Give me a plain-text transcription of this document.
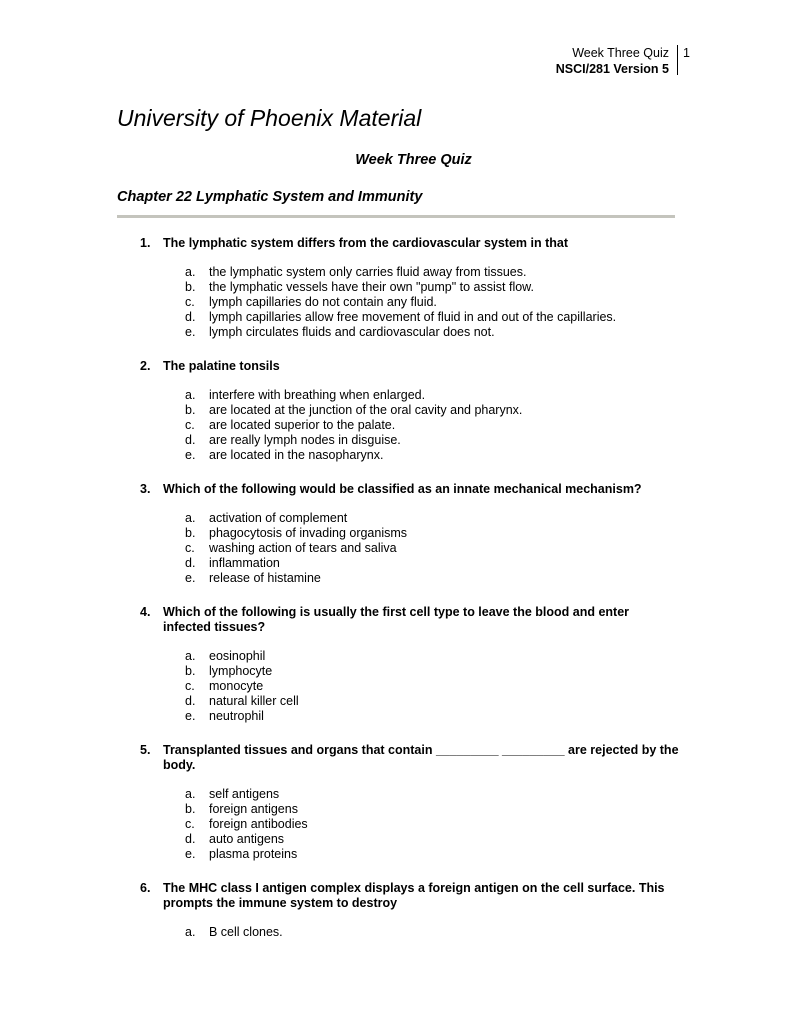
Week Three Quiz
NSCI/281 Version 5
1
University of Phoenix Material
Week Three Quiz
Chapter 22 Lymphatic System and Immunity
1.	The lymphatic system differs from the cardiovascular system in that
a.	the lymphatic system only carries fluid away from tissues.
b.	the lymphatic vessels have their own "pump" to assist flow.
c.	lymph capillaries do not contain any fluid.
d.	lymph capillaries allow free movement of fluid in and out of the capillaries.
e.	lymph circulates fluids and cardiovascular does not.
2.	The palatine tonsils
a.	interfere with breathing when enlarged.
b.	are located at the junction of the oral cavity and pharynx.
c.	are located superior to the palate.
d.	are really lymph nodes in disguise.
e.	are located in the nasopharynx.
3.	Which of the following would be classified as an innate mechanical mechanism?
a.	activation of complement
b.	phagocytosis of invading organisms
c.	washing action of tears and saliva
d.	inflammation
e.	release of histamine
4.	Which of the following is usually the first cell type to leave the blood and enter infected tissues?
a.	eosinophil
b.	lymphocyte
c.	monocyte
d.	natural killer cell
e.	neutrophil
5.	Transplanted tissues and organs that contain _________ _________ are rejected by the body.
a.	self antigens
b.	foreign antigens
c.	foreign antibodies
d.	auto antigens
e.	plasma proteins
6.	The MHC class I antigen complex displays a foreign antigen on the cell surface. This prompts the immune system to destroy
a.	B cell clones.
